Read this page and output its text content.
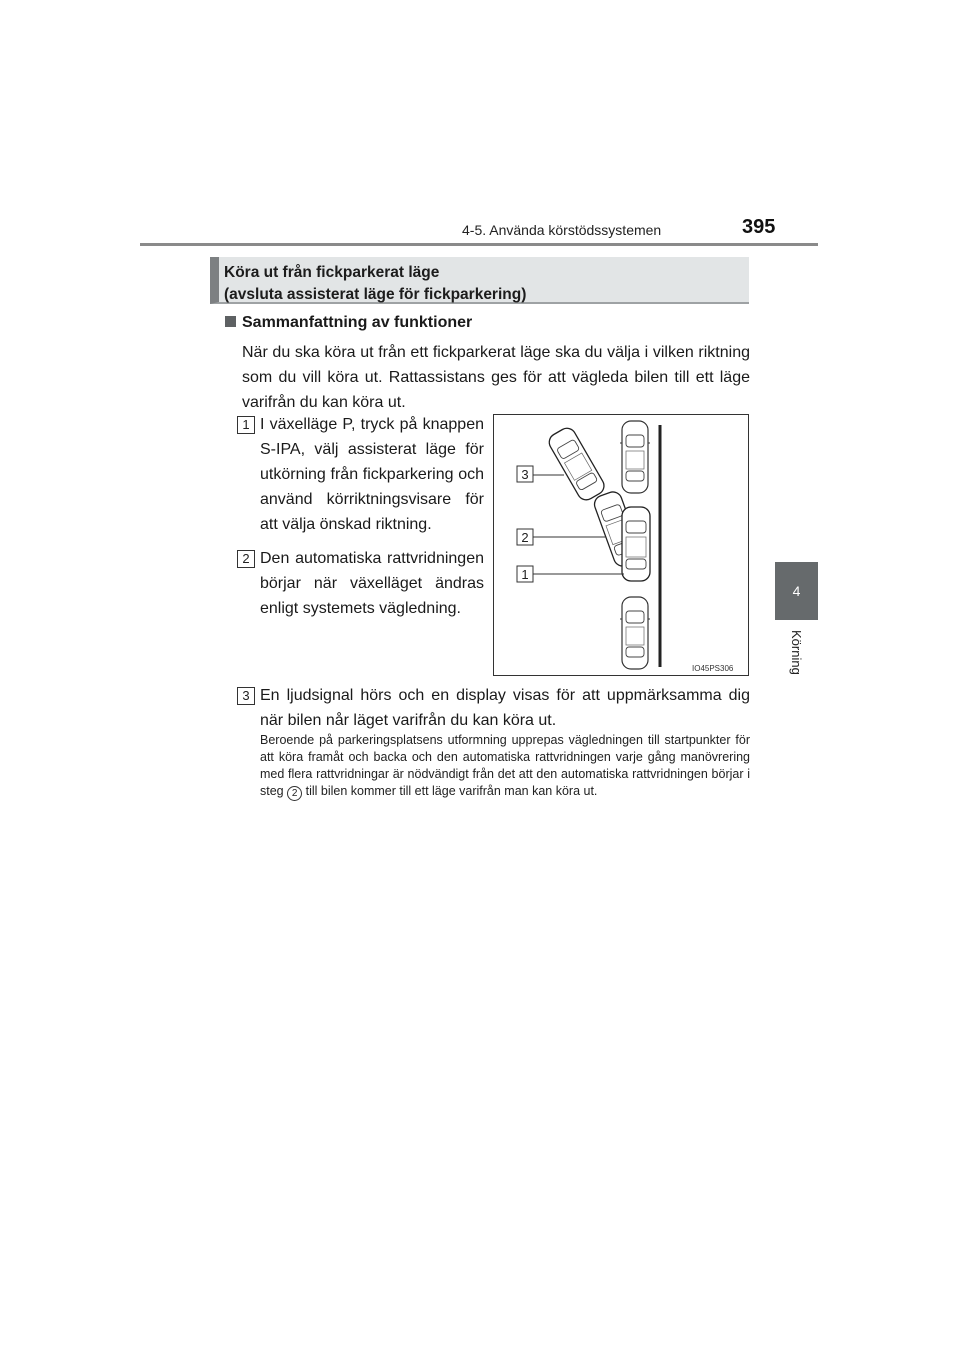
4-5. Använda körstödssystemen	395
4
Körning
Köra ut från fickparkerat läge
(avsluta assisterat läge för fickparkering)
Sammanfattning av funktioner
När du ska köra ut från ett fickparkerat läge ska du välja i vilken riktning som du vill köra ut. Rattassistans ges för att vägleda bilen till ett läge varifrån du kan köra ut.
1 I växelläge P, tryck på knappen S-IPA, välj assisterat läge för utkörning från fickparkering och använd körriktningsvisare för att välja önskad riktning.
2 Den automatiska rattvridningen börjar när växelläget ändras enligt systemets vägledning.
3 En ljudsignal hörs och en display visas för att uppmärksamma dig när bilen når läget varifrån du kan köra ut.
Beroende på parkeringsplatsens utformning upprepas vägledningen till startpunkter för att köra framåt och backa och den automatiska rattvridningen varje gång manövrering med flera rattvridningar är nödvändigt från det att den automatiska rattvridningen börjar i steg 2 till bilen kommer till ett läge varifrån man kan köra ut.
3
2
1
IO45PS306
